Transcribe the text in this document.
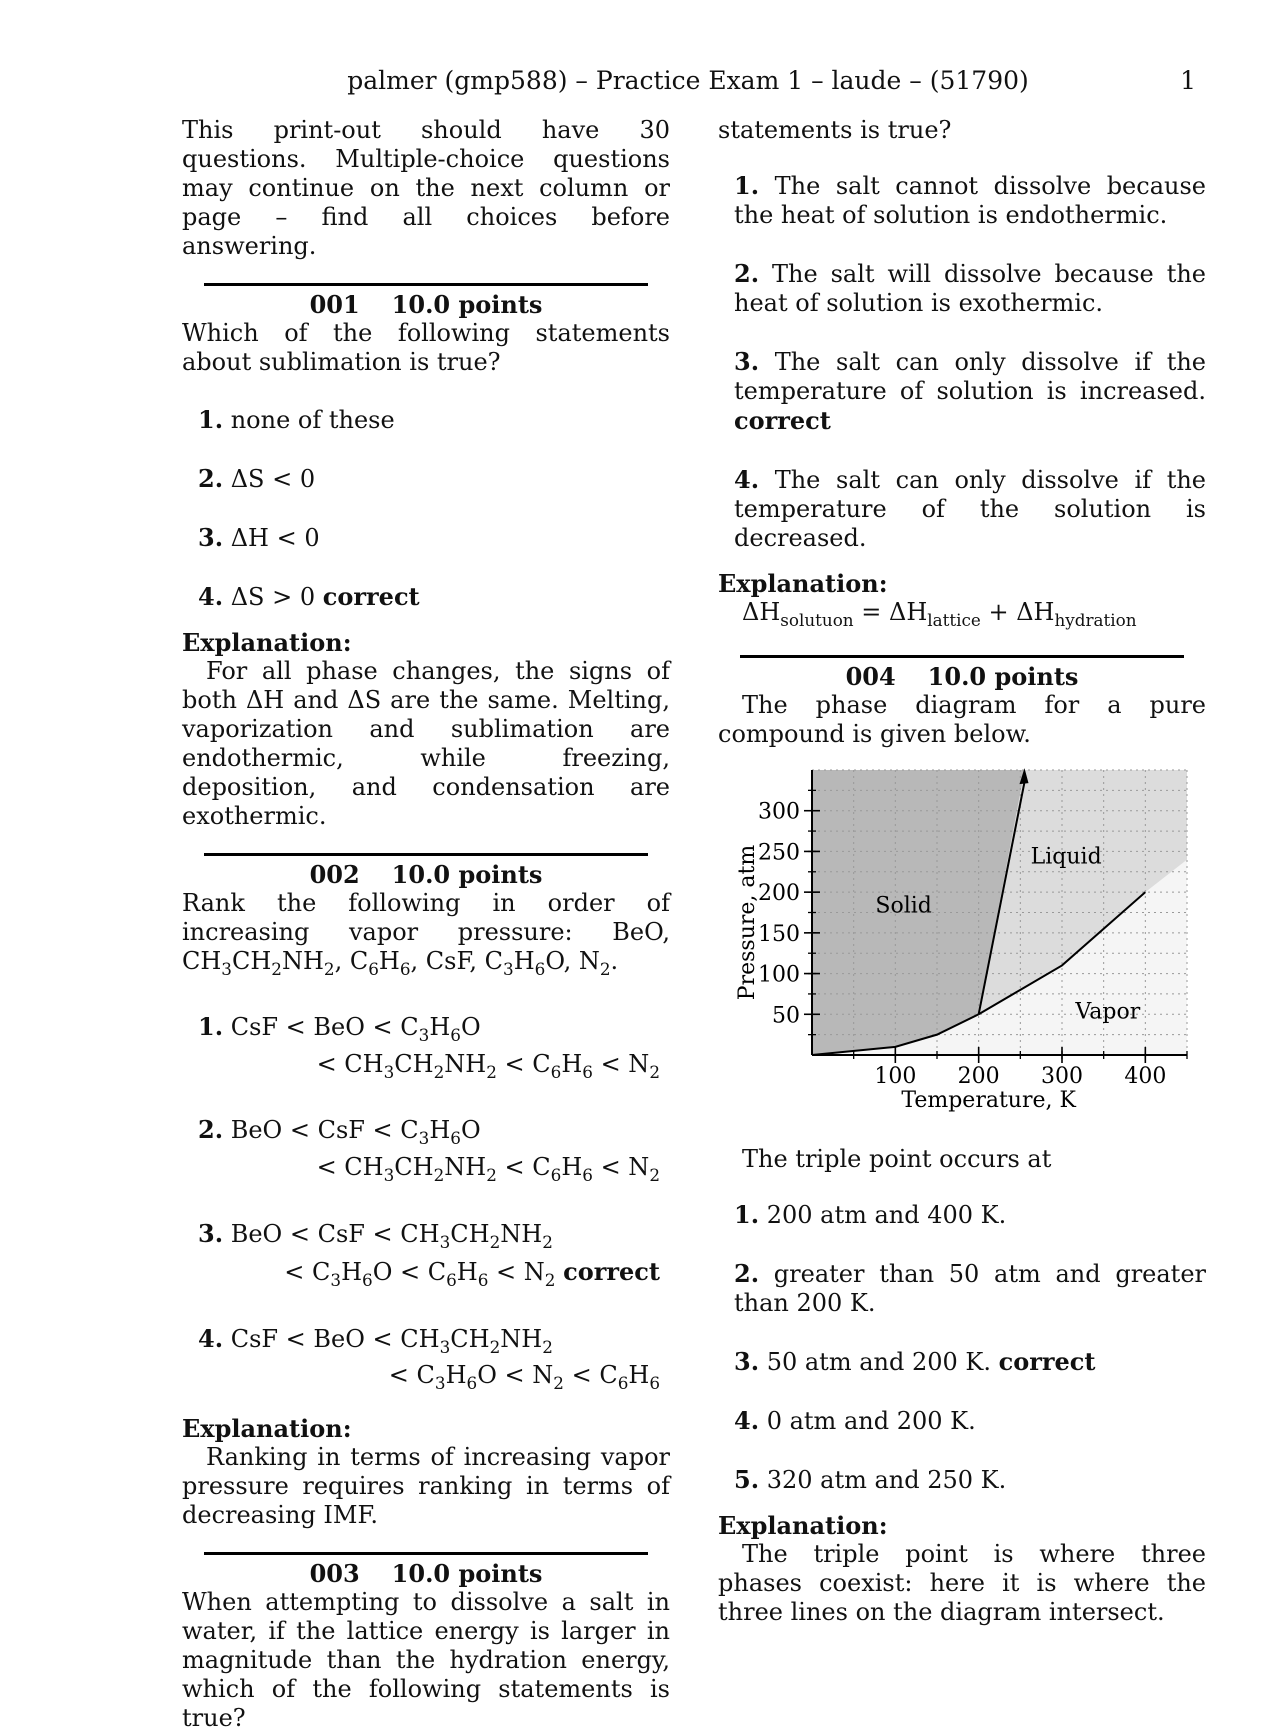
palmer (gmp588) – Practice Exam 1 – laude – (51790)	1

This print-out should have 30 questions. Multiple-choice questions may continue on the next column or page – find all choices before answering.

001 10.0 points
Which of the following statements about sublimation is true?
1. none of these
2. ΔS < 0
3. ΔH < 0
4. ΔS > 0 correct
Explanation:
For all phase changes, the signs of both ΔH and ΔS are the same. Melting, vaporization and sublimation are endothermic, while freezing, deposition, and condensation are exothermic.
002 10.0 points
Rank the following in order of increasing vapor pressure: BeO, $CH_3CH_2NH_2$, $C_6H_6$, CsF, $C_3H_6O$, $N_2$.
1. CsF < BeO < $C_3H_6O$
< $CH_3CH_2NH_2 < C_6H_6 < N_2$
2. BeO < CsF < $C_3H_6O$
< $CH_3CH_2NH_2 < C_6H_6 < N_2$
3. BeO < CsF < $CH_3CH_2NH_2$
< $C_3H_6O < C_6H_6 < N_2$ correct
4. CsF < BeO < $CH_3CH_2NH_2$
< $C_3H_6O < N_2 < C_6H_6$
Explanation:
Ranking in terms of increasing vapor pressure requires ranking in terms of decreasing IMF.
003 10.0 points
When attempting to dissolve a salt in water, if the lattice energy is larger in magnitude than the hydration energy, which of the following statements is true?
statements is true?
1. The salt cannot dissolve because the heat of solution is endothermic.
2. The salt will dissolve because the heat of solution is exothermic.
3. The salt can only dissolve if the temperature of solution is increased. correct
4. The salt can only dissolve if the temperature of the solution is decreased.
Explanation:
$\Delta H_{solutuon} = \Delta H_{lattice} + \Delta H_{hydration}$
004 10.0 points
The phase diagram for a pure compound is given below.
50
100
150
200
250
300
100 200 300 400
Temperature, K
Pressure, atm	Solid
Liquid
Vapor
The triple point occurs at
1. 200 atm and 400 K.
2. greater than 50 atm and greater than 200 K.
3. 50 atm and 200 K. correct
4. 0 atm and 200 K.
5. 320 atm and 250 K.
Explanation:
The triple point is where three phases coexist: here it is where the three lines on the diagram intersect.
